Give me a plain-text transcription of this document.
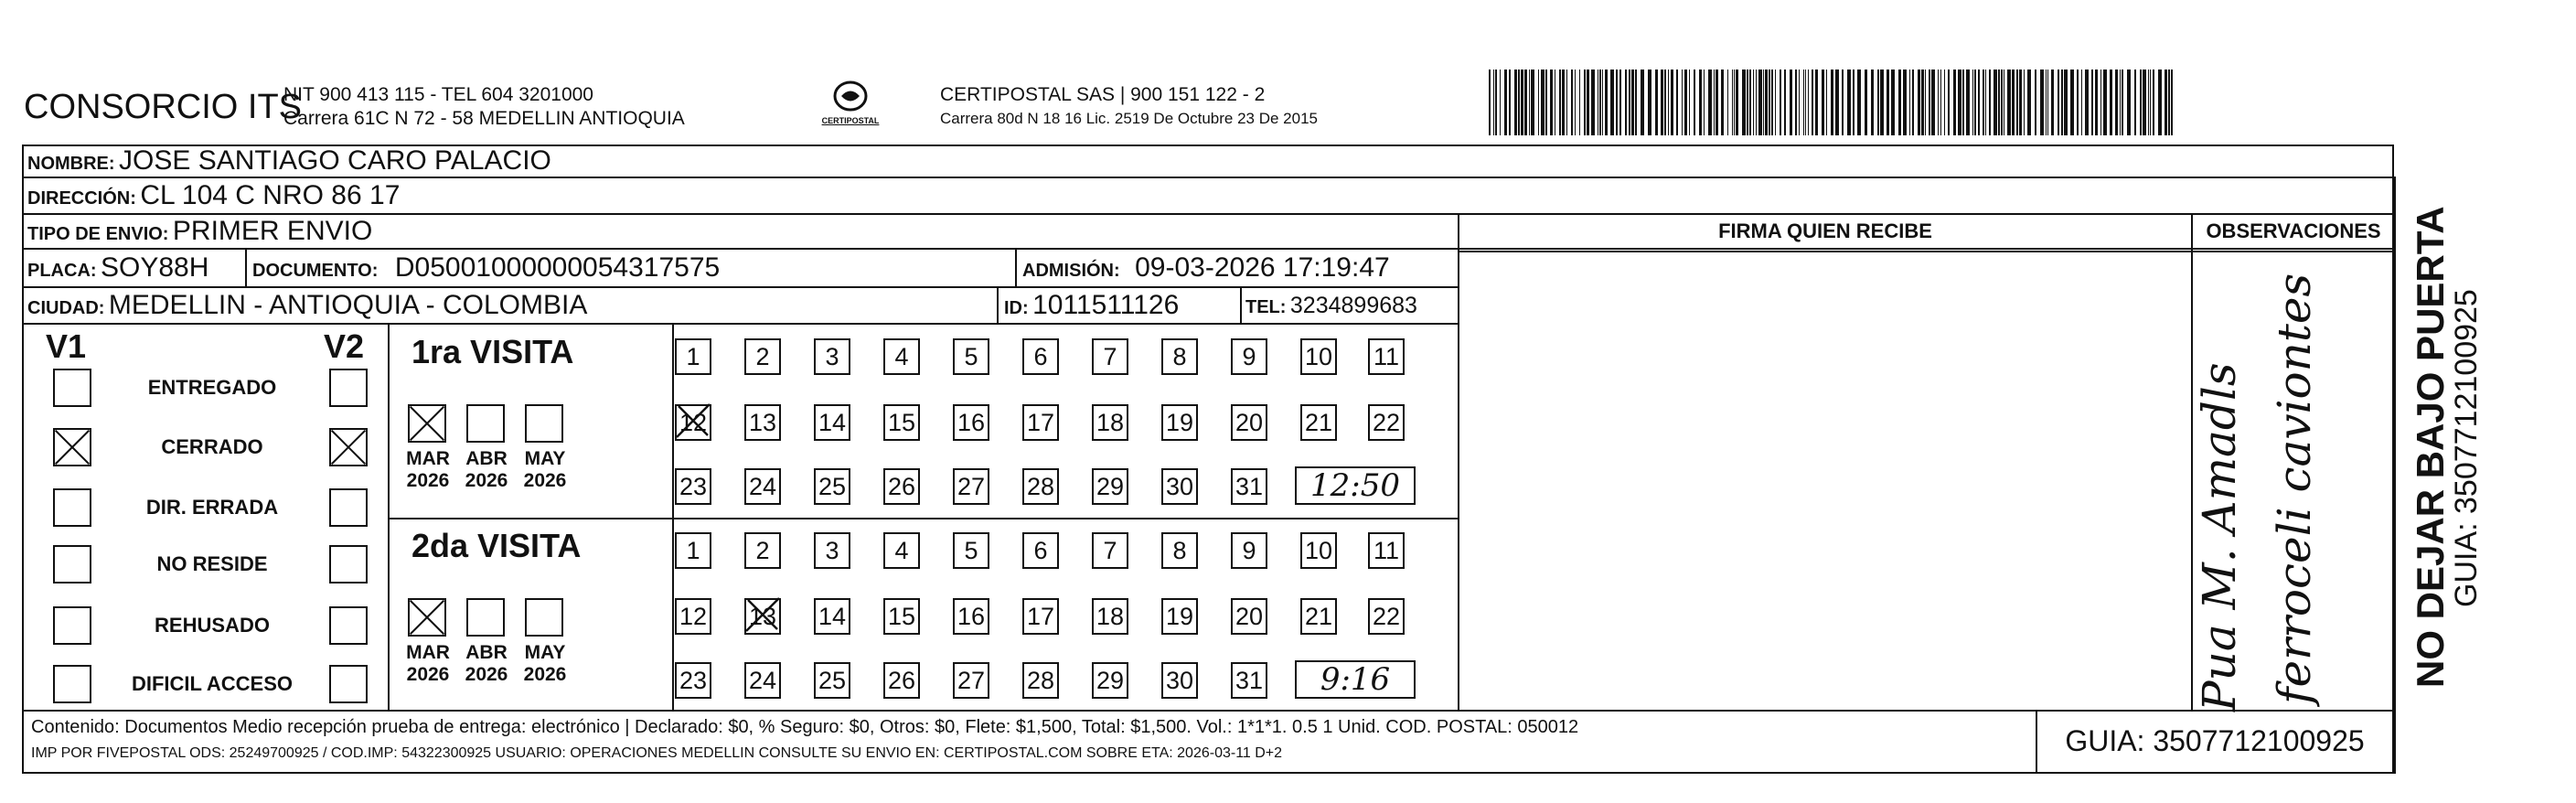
CONSORCIO ITS
NIT 900 413 115 - TEL 604 3201000
Carrera 61C N 72 - 58 MEDELLIN ANTIOQUIA	CERTIPOSTAL
CERTIPOSTAL SAS | 900 151 122 - 2
Carrera 80d N 18 16 Lic. 2519 De Octubre 23 De 2015
NOMBRE: JOSE SANTIAGO CARO PALACIO
DIRECCIÓN: CL 104 C NRO 86 17
TIPO DE ENVIO: PRIMER ENVIO
PLACA: SOY88H DOCUMENTO: D05001000000054317575	ADMISIÓN: 09-03-2026 17:19:47
CIUDAD: MEDELLIN - ANTIOQUIA - COLOMBIA	ID: 1011511126	TEL: 3234899683
FIRMA QUIEN RECIBE	OBSERVACIONES
V1	V2
ENTREGADO
CERRADO
DIR. ERRADA
NO RESIDE
REHUSADO
DIFICIL ACCESO
1ra VISITA
MAR
2026
ABR
2026
MAY
2026
1	2	3	4	5	6	7	8	9	10 11
12 13 14 15 16 17 18 19 20 21 22
23 24 25 26 27 28 29 30 31	12:50
2da VISITA
MAR
2026
ABR
2026
MAY
2026
1	2	3	4	5	6	7	8	9	10 11
12 13 14 15 16 17 18 19 20 21 22
23 24 25 26 27 28 29 30 31	9:16	Pua M. Amadls ferroceli caviontes NO DEJAR BAJO PUERTA
GUIA: 3507712100925
Contenido: Documentos Medio recepción prueba de entrega: electrónico | Declarado: $0, % Seguro: $0, Otros: $0, Flete: $1,500, Total: $1,500. Vol.: 1*1*1. 0.5 1 Unid. COD. POSTAL: 050012
IMP POR FIVEPOSTAL ODS: 25249700925 / COD.IMP: 54322300925 USUARIO: OPERACIONES MEDELLIN CONSULTE SU ENVIO EN: CERTIPOSTAL.COM SOBRE ETA: 2026-03-11 D+2	GUIA: 3507712100925
